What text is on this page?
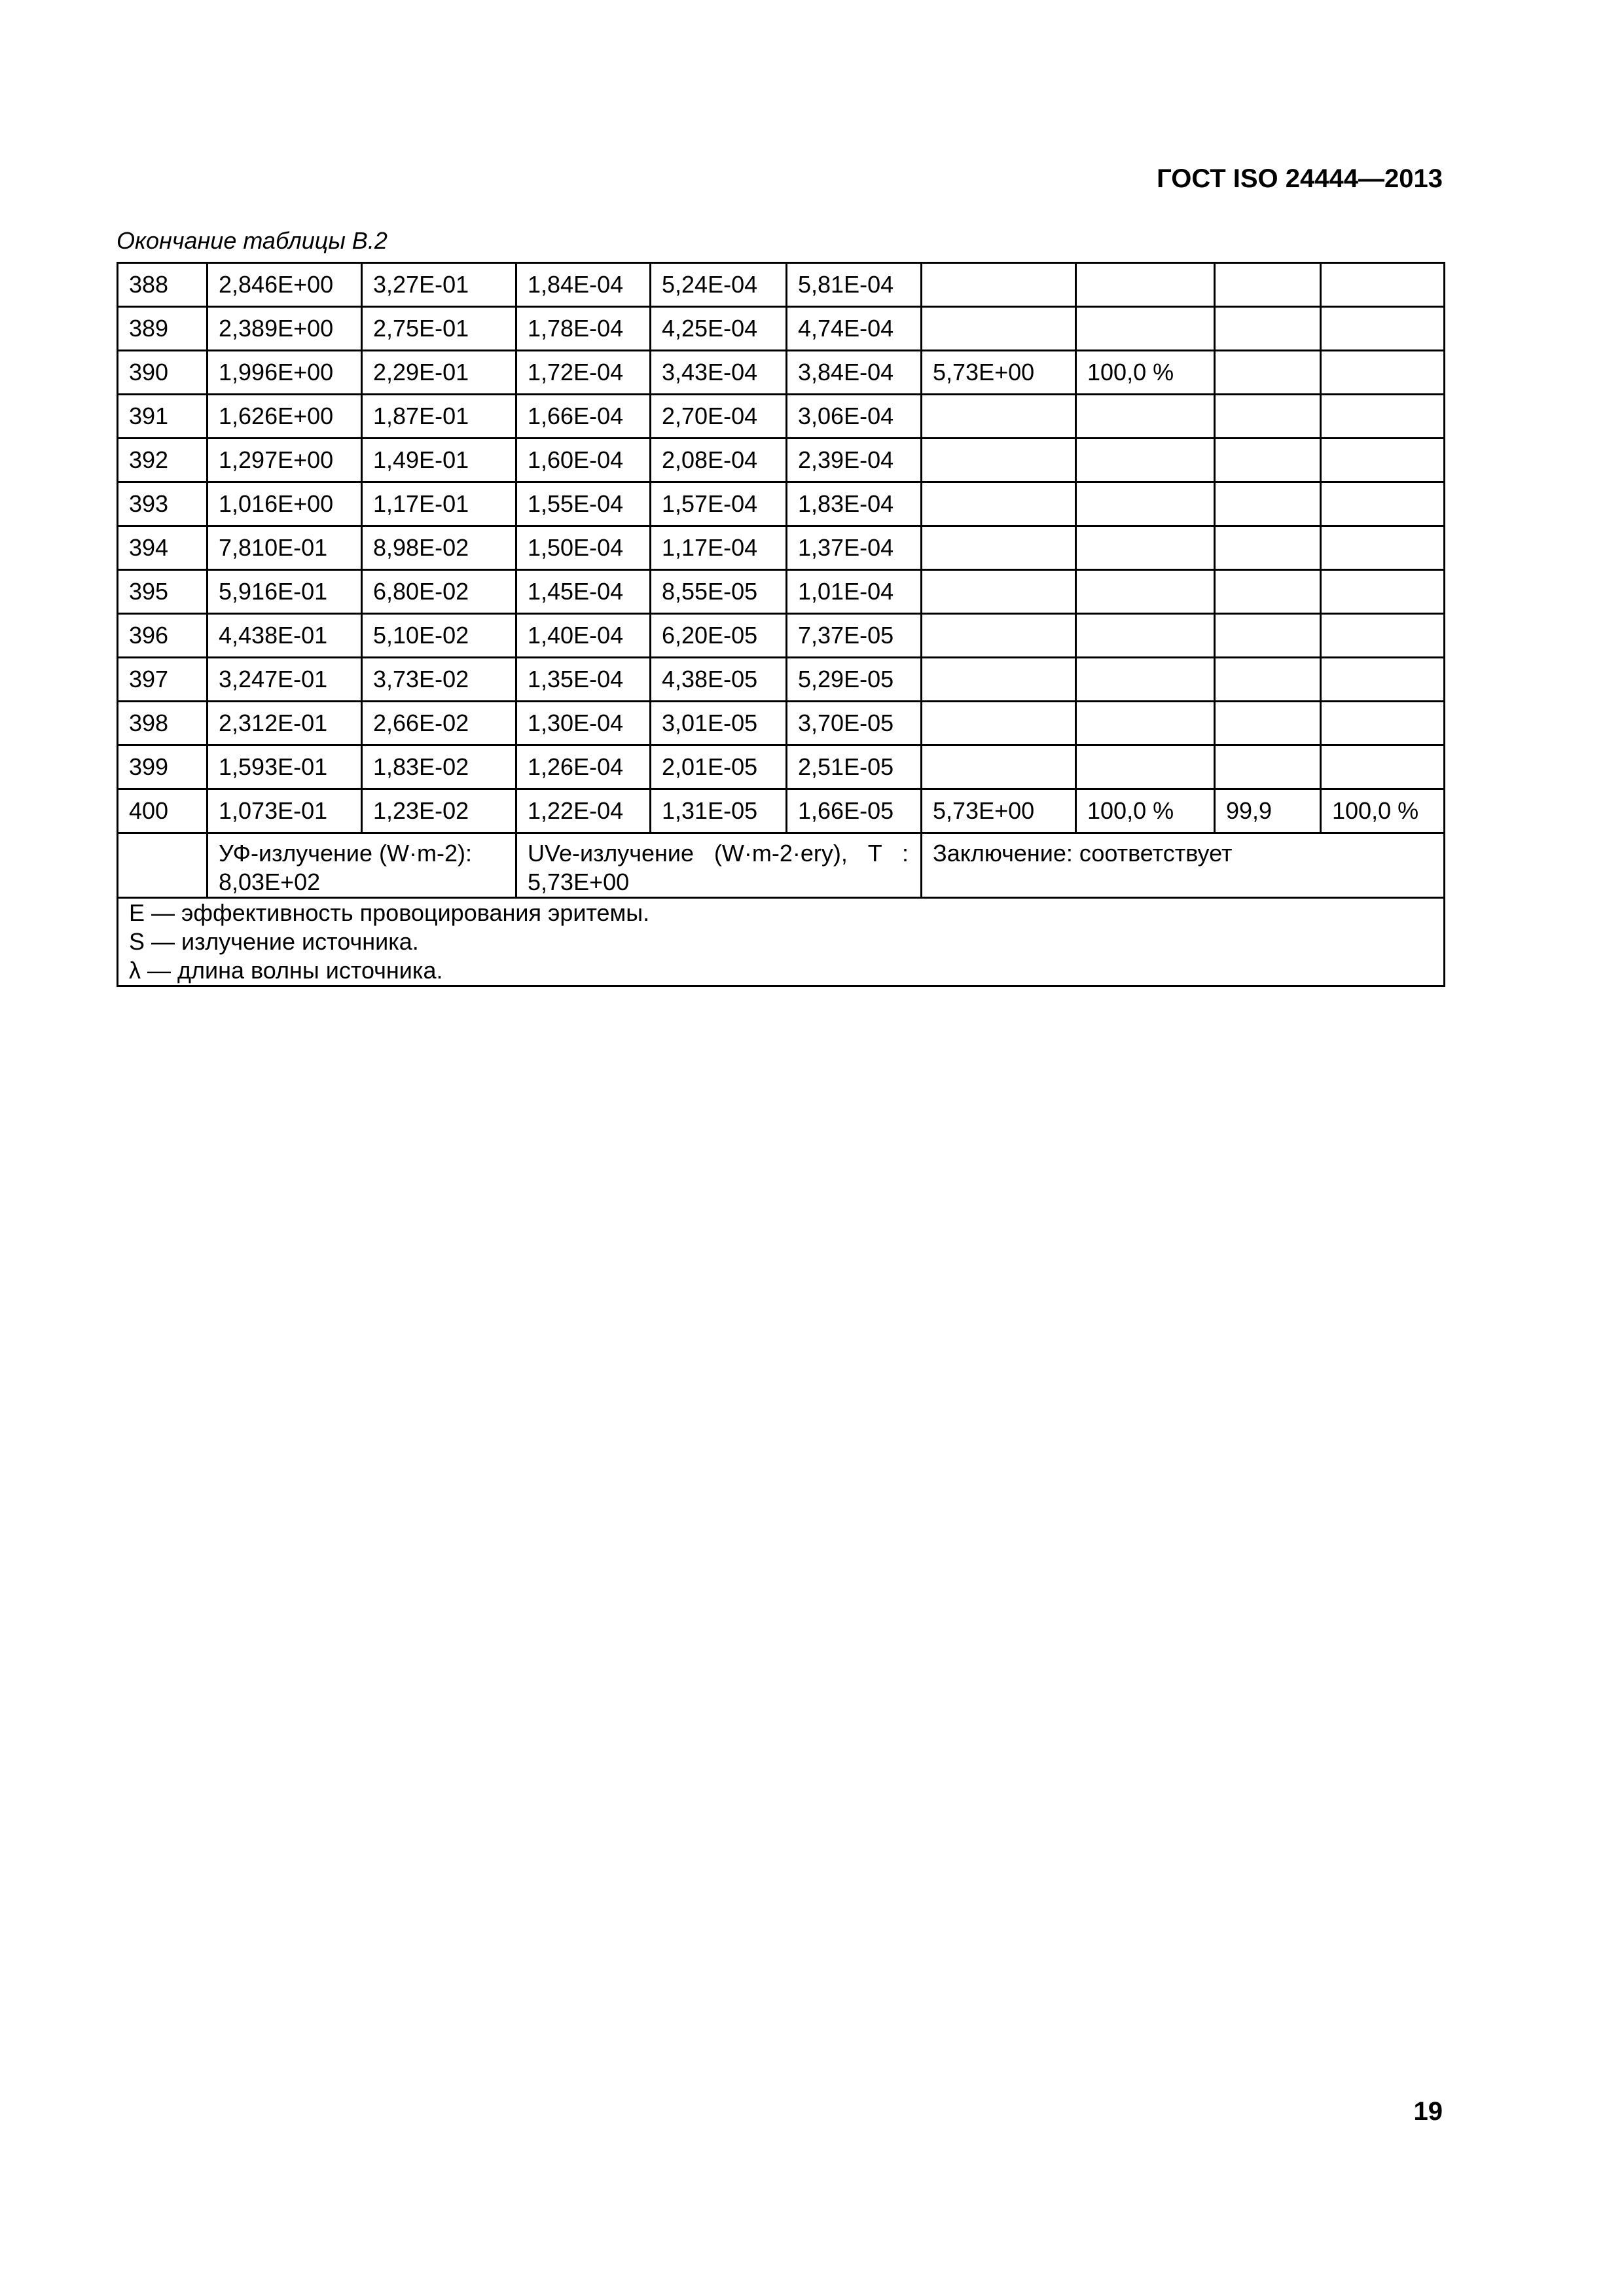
ГОСТ ISO 24444—2013
Окончание таблицы B.2
388	2,846E+00	3,27E-01	1,84E-04	5,24E-04	5,81E-04				
389	2,389E+00	2,75E-01	1,78E-04	4,25E-04	4,74E-04				
390	1,996E+00	2,29E-01	1,72E-04	3,43E-04	3,84E-04	5,73E+00	100,0 %		
391	1,626E+00	1,87E-01	1,66E-04	2,70E-04	3,06E-04				
392	1,297E+00	1,49E-01	1,60E-04	2,08E-04	2,39E-04				
393	1,016E+00	1,17E-01	1,55E-04	1,57E-04	1,83E-04				
394	7,810E-01	8,98E-02	1,50E-04	1,17E-04	1,37E-04				
395	5,916E-01	6,80E-02	1,45E-04	8,55E-05	1,01E-04				
396	4,438E-01	5,10E-02	1,40E-04	6,20E-05	7,37E-05				
397	3,247E-01	3,73E-02	1,35E-04	4,38E-05	5,29E-05				
398	2,312E-01	2,66E-02	1,30E-04	3,01E-05	3,70E-05				
399	1,593E-01	1,83E-02	1,26E-04	2,01E-05	2,51E-05				
400	1,073E-01	1,23E-02	1,22E-04	1,31E-05	1,66E-05	5,73E+00	100,0 %	99,9	100,0 %
	УФ-излучение (W·m-2): 8,03E+02		UVe-излучение (W·m-2·ery), T : 5,73E+00			Заключение: соответствует			

E — эффективность провоцирования эритемы.
S — излучение источника.
λ — длина волны источника.									
19
